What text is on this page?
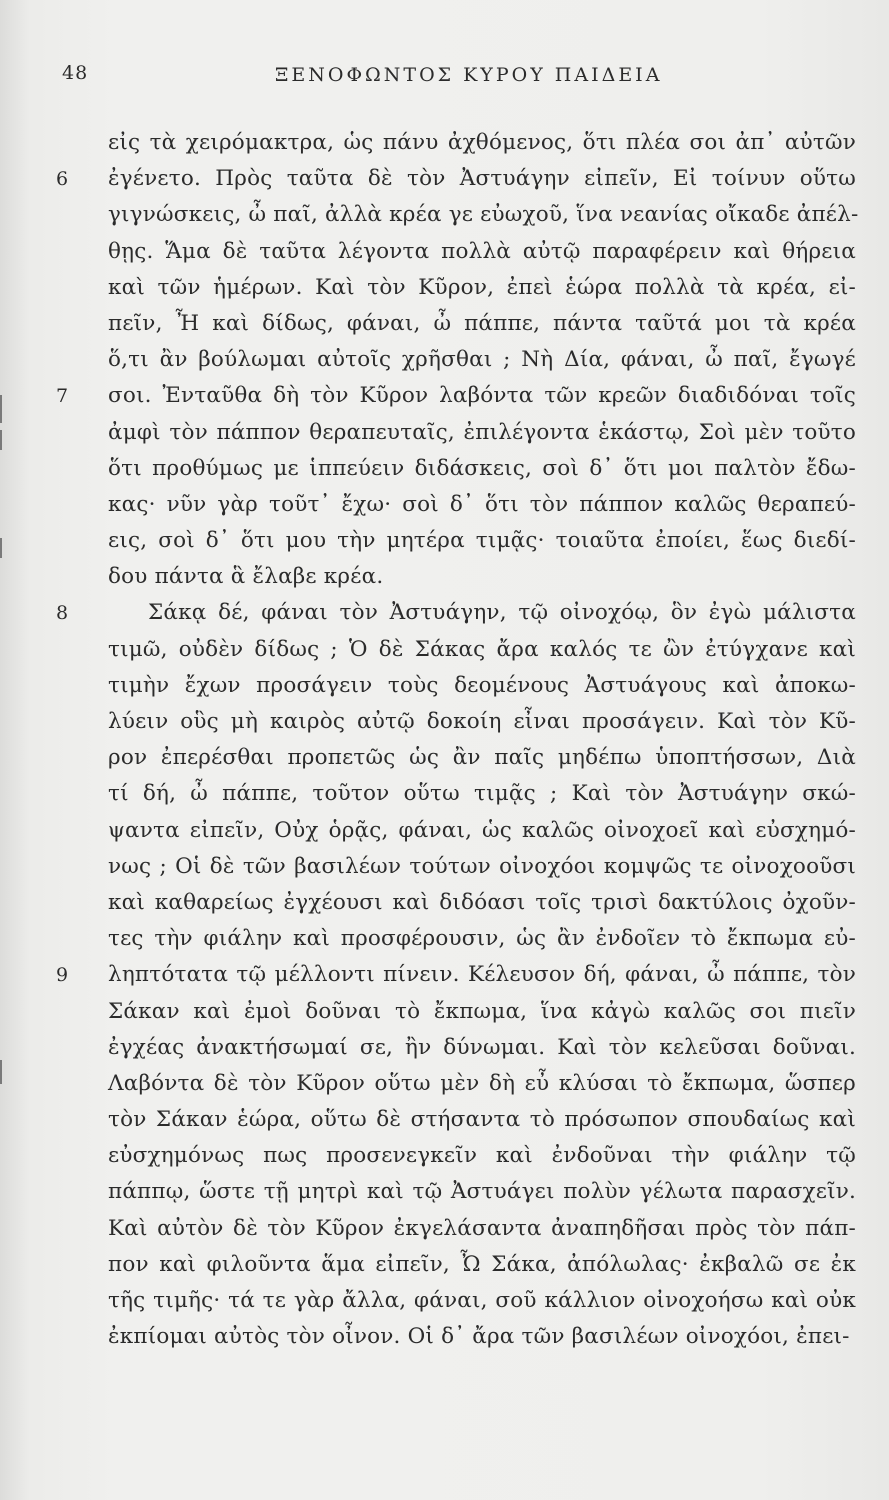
48	ΞΕΝΟΦΩΝΤΟΣ ΚΥΡΟΥ ΠΑΙΔΕΙΑ
εἰς τὰ χειρόμακτρα, ὡς πάνυ ἀχθόμενος, ὅτι πλέα σοι ἀπ᾽ αὐτῶν
6 ἐγένετο. Πρὸς ταῦτα δὲ τὸν Ἀστυάγην εἰπεῖν, Εἰ τοίνυν οὕτω
γιγνώσκεις, ὦ παῖ, ἀλλὰ κρέα γε εὐωχοῦ, ἵνα νεανίας οἴκαδε ἀπέλ-
θῃς. Ἅμα δὲ ταῦτα λέγοντα πολλὰ αὐτῷ παραφέρειν καὶ θήρεια
καὶ τῶν ἡμέρων. Καὶ τὸν Κῦρον, ἐπεὶ ἑώρα πολλὰ τὰ κρέα, εἰ-
πεῖν, Ἦ καὶ δίδως, φάναι, ὦ πάππε, πάντα ταῦτά μοι τὰ κρέα
ὅ,τι ἂν βούλωμαι αὐτοῖς χρῆσθαι ; Νὴ Δία, φάναι, ὦ παῖ, ἔγωγέ
7 σοι. Ἐνταῦθα δὴ τὸν Κῦρον λαβόντα τῶν κρεῶν διαδιδόναι τοῖς
ἀμφὶ τὸν πάππον θεραπευταῖς, ἐπιλέγοντα ἑκάστῳ, Σοὶ μὲν τοῦτο
ὅτι προθύμως με ἱππεύειν διδάσκεις, σοὶ δ᾽ ὅτι μοι παλτὸν ἔδω-
κας· νῦν γὰρ τοῦτ᾽ ἔχω· σοὶ δ᾽ ὅτι τὸν πάππον καλῶς θεραπεύ-
εις, σοὶ δ᾽ ὅτι μου τὴν μητέρα τιμᾷς· τοιαῦτα ἐποίει, ἕως διεδί-
δου πάντα ἃ ἔλαβε κρέα.
8	Σάκᾳ δέ, φάναι τὸν Ἀστυάγην, τῷ οἰνοχόῳ, ὃν ἐγὼ μάλιστα
τιμῶ, οὐδὲν δίδως ; Ὁ δὲ Σάκας ἄρα καλός τε ὢν ἐτύγχανε καὶ
τιμὴν ἔχων προσάγειν τοὺς δεομένους Ἀστυάγους καὶ ἀποκω-
λύειν οὓς μὴ καιρὸς αὐτῷ δοκοίη εἶναι προσάγειν. Καὶ τὸν Κῦ-
ρον ἐπερέσθαι προπετῶς ὡς ἂν παῖς μηδέπω ὑποπτήσσων, Διὰ
τί δή, ὦ πάππε, τοῦτον οὕτω τιμᾷς ; Καὶ τὸν Ἀστυάγην σκώ-
ψαντα εἰπεῖν, Οὐχ ὁρᾷς, φάναι, ὡς καλῶς οἰνοχοεῖ καὶ εὐσχημό-
νως ; Οἱ δὲ τῶν βασιλέων τούτων οἰνοχόοι κομψῶς τε οἰνοχοοῦσι
καὶ καθαρείως ἐγχέουσι καὶ διδόασι τοῖς τρισὶ δακτύλοις ὀχοῦν-
τες τὴν φιάλην καὶ προσφέρουσιν, ὡς ἂν ἐνδοῖεν τὸ ἔκπωμα εὐ-
9 ληπτότατα τῷ μέλλοντι πίνειν. Κέλευσον δή, φάναι, ὦ πάππε, τὸν
Σάκαν καὶ ἐμοὶ δοῦναι τὸ ἔκπωμα, ἵνα κἀγὼ καλῶς σοι πιεῖν
ἐγχέας ἀνακτήσωμαί σε, ἢν δύνωμαι. Καὶ τὸν κελεῦσαι δοῦναι.
Λαβόντα δὲ τὸν Κῦρον οὕτω μὲν δὴ εὖ κλύσαι τὸ ἔκπωμα, ὥσπερ
τὸν Σάκαν ἑώρα, οὕτω δὲ στήσαντα τὸ πρόσωπον σπουδαίως καὶ
εὐσχημόνως πως προσενεγκεῖν καὶ ἐνδοῦναι τὴν φιάλην τῷ
πάππῳ, ὥστε τῇ μητρὶ καὶ τῷ Ἀστυάγει πολὺν γέλωτα παρασχεῖν.
Καὶ αὐτὸν δὲ τὸν Κῦρον ἐκγελάσαντα ἀναπηδῆσαι πρὸς τὸν πάπ-
πον καὶ φιλοῦντα ἅμα εἰπεῖν, Ὦ Σάκα, ἀπόλωλας· ἐκβαλῶ σε ἐκ
τῆς τιμῆς· τά τε γὰρ ἄλλα, φάναι, σοῦ κάλλιον οἰνοχοήσω καὶ οὐκ
ἐκπίομαι αὐτὸς τὸν οἶνον. Οἱ δ᾽ ἄρα τῶν βασιλέων οἰνοχόοι, ἐπει-
